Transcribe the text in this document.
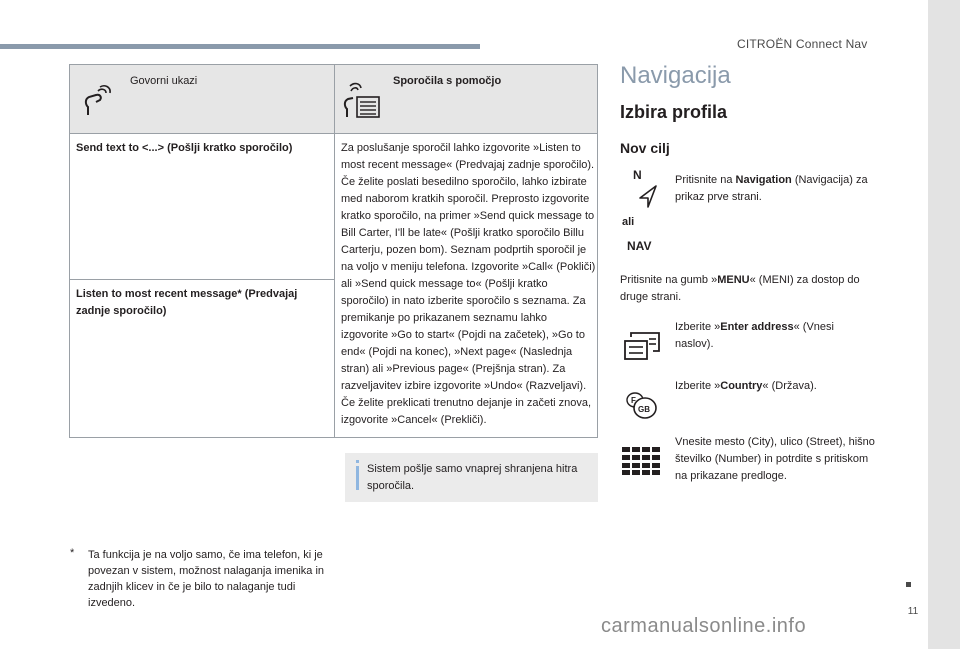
CITROËN Connect Nav
11
Govorni ukazi	Sporočila s pomočjo
Send text to <...> (Pošlji kratko sporočilo)
Listen to most recent message* (Predvajaj zadnje sporočilo)
Za poslušanje sporočil lahko izgovorite »Listen to most recent message« (Predvajaj zadnje sporočilo). Če želite poslati besedilno sporočilo, lahko izbirate med naborom kratkih sporočil. Preprosto izgovorite kratko sporočilo, na primer »Send quick message to Bill Carter, I'll be late« (Pošlji kratko sporočilo Billu Carterju, pozen bom). Seznam podprtih sporočil je na voljo v meniju telefona. Izgovorite »Call« (Pokliči) ali »Send quick message to« (Pošlji kratko sporočilo) in nato izberite sporočilo s seznama. Za premikanje po prikazanem seznamu lahko izgovorite »Go to start« (Pojdi na začetek), »Go to end« (Pojdi na konec), »Next page« (Naslednja stran) ali »Previous page« (Prejšnja stran). Za razveljavitev izbire izgovorite »Undo« (Razveljavi). Če želite preklicati trenutno dejanje in začeti znova, izgovorite »Cancel« (Prekliči).
Sistem pošlje samo vnaprej shranjena hitra sporočila.
* Ta funkcija je na voljo samo, če ima telefon, ki je povezan v sistem, možnost nalaganja imenika in zadnjih klicev in če je bilo to nalaganje tudi izvedeno.
Navigacija
Izbira profila
Nov cilj
N
ali
NAV
Pritisnite na Navigation (Navigacija) za prikaz prve strani.
Pritisnite na gumb »MENU« (MENI) za dostop do druge strani.
Izberite »Enter address« (Vnesi naslov).
F
GB
Izberite »Country« (Država).
Vnesite mesto (City), ulico (Street), hišno številko (Number) in potrdite s pritiskom na prikazane predloge.
carmanualsonline.info
